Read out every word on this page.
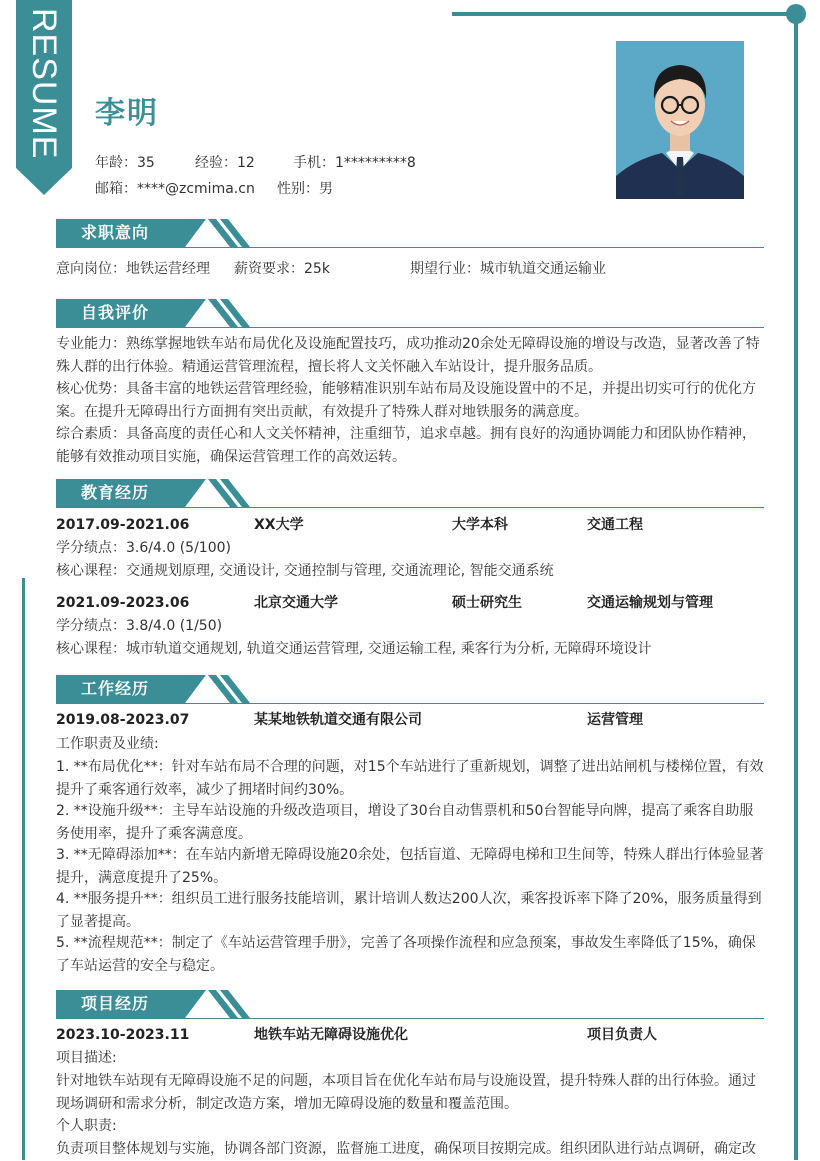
RESUME	李明
年龄：35	经验：12	手机：1*********8
邮箱：****@zcmima.cn 性别：男
求职意向
意向岗位：地铁运营经理 薪资要求：25k	期望行业：城市轨道交通运输业
自我评价
专业能力：熟练掌握地铁车站布局优化及设施配置技巧，成功推动20余处无障碍设施的增设与改造，显著改善了特殊人群的出行体验。精通运营管理流程，擅长将人文关怀融入车站设计，提升服务品质。
核心优势：具备丰富的地铁运营管理经验，能够精准识别车站布局及设施设置中的不足，并提出切实可行的优化方案。在提升无障碍出行方面拥有突出贡献，有效提升了特殊人群对地铁服务的满意度。
综合素质：具备高度的责任心和人文关怀精神，注重细节，追求卓越。拥有良好的沟通协调能力和团队协作精神，能够有效推动项目实施，确保运营管理工作的高效运转。
教育经历
2017.09-2021.06	XX大学	大学本科	交通工程
学分绩点：3.6/4.0 (5/100)
核心课程：交通规划原理, 交通设计, 交通控制与管理, 交通流理论, 智能交通系统
2021.09-2023.06	北京交通大学	硕士研究生	交通运输规划与管理
学分绩点：3.8/4.0 (1/50)
核心课程：城市轨道交通规划, 轨道交通运营管理, 交通运输工程, 乘客行为分析, 无障碍环境设计
工作经历
2019.08-2023.07	某某地铁轨道交通有限公司	运营管理
工作职责及业绩:
1. **布局优化**：针对车站布局不合理的问题，对15个车站进行了重新规划，调整了进出站闸机与楼梯位置，有效提升了乘客通行效率，减少了拥堵时间约30%。
2. **设施升级**：主导车站设施的升级改造项目，增设了30台自动售票机和50台智能导向牌，提高了乘客自助服务使用率，提升了乘客满意度。
3. **无障碍添加**：在车站内新增无障碍设施20余处，包括盲道、无障碍电梯和卫生间等，特殊人群出行体验显著提升，满意度提升了25%。
4. **服务提升**：组织员工进行服务技能培训，累计培训人数达200人次，乘客投诉率下降了20%，服务质量得到了显著提高。
5. **流程规范**：制定了《车站运营管理手册》，完善了各项操作流程和应急预案，事故发生率降低了15%，确保了车站运营的安全与稳定。
项目经历
2023.10-2023.11	地铁车站无障碍设施优化	项目负责人
项目描述:
针对地铁车站现有无障碍设施不足的问题，本项目旨在优化车站布局与设施设置，提升特殊人群的出行体验。通过现场调研和需求分析，制定改造方案，增加无障碍设施的数量和覆盖范围。
个人职责:
负责项目整体规划与实施，协调各部门资源，监督施工进度，确保项目按期完成。组织团队进行站点调研，确定改
